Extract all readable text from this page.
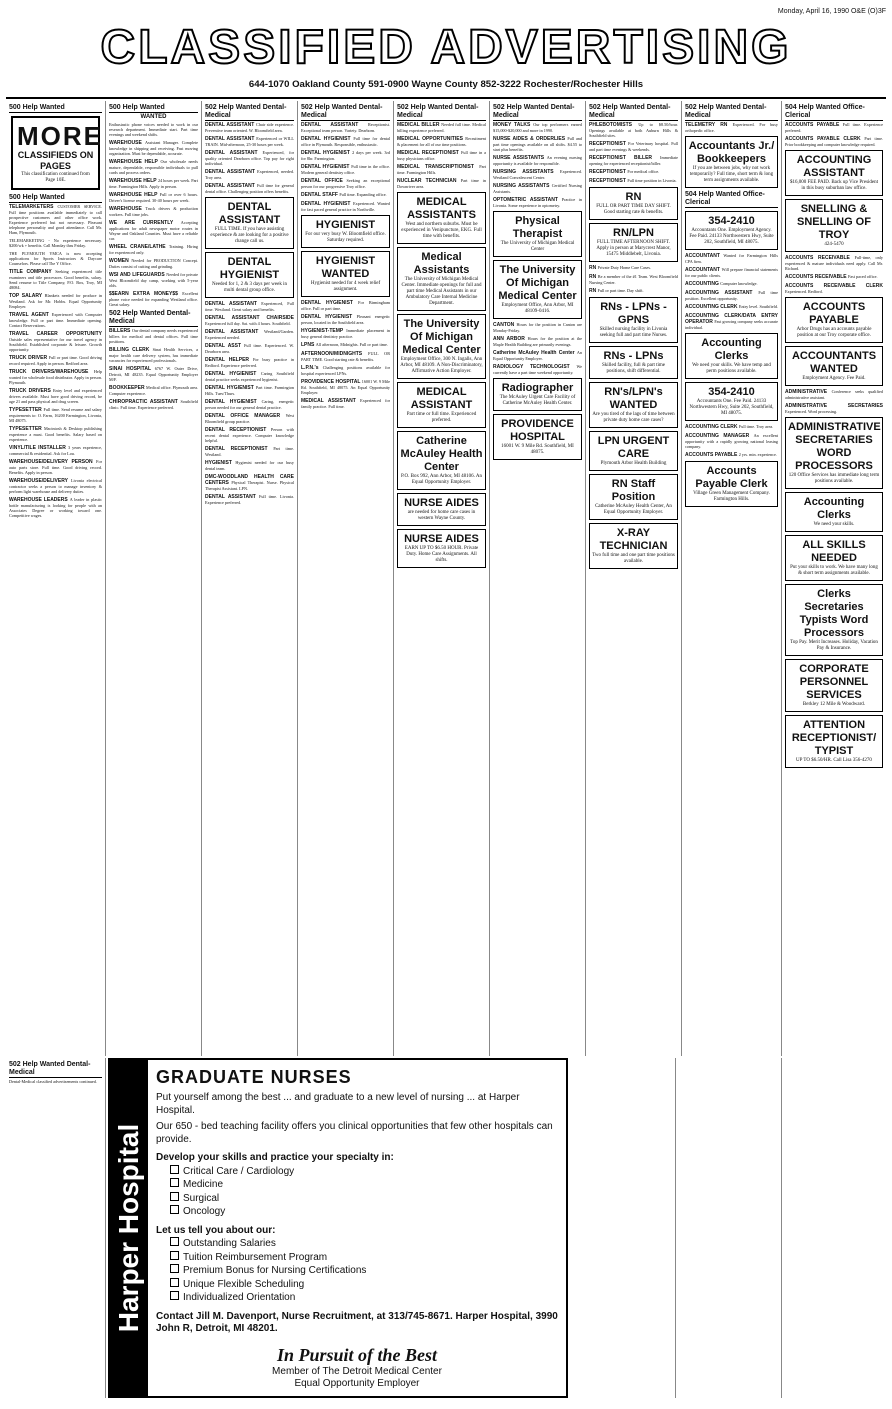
Monday, April 16, 1990 O&E (O)3F
CLASSIFIED ADVERTISING
644-1070 Oakland County 591-0900 Wayne County 852-3222 Rochester/Rochester Hills
500 Help Wanted
MORE
CLASSIFIEDS ON PAGES
This classification continued from Page 10E.
500 Help Wanted
TELEMARKETERS CUSTOMER SERVICE. Full time positions available immediately to call prospective customers and other office work. Experience preferred but not necessary. Pleasant telephone personality and good attendance. Call Mr. Ham, Plymouth.
TELEMARKETING - No experience necessary. $200/wk + benefits. Call Monday thru Friday.
THE PLYMOUTH YMCA is now accepting applications for Sports Instructors & Daycare Counselors. Please call The Y Office.
TITLE COMPANY Seeking experienced title examiners and title processors. Good benefits, salary. Send resume to Title Company, P.O. Box, Troy, MI 48084.
TOP SALARY Blankets needed for produce in Westland. Ask for Mr. Hobbs. Equal Opportunity Employer.
TRAVEL AGENT Experienced with Computer knowledge. Full or part time. Immediate opening. Contact Reservations.
TRAVEL CAREER OPPORTUNITY Outside sales representative for our travel agency in Southfield. Established corporate & leisure. Growth opportunity.
TRUCK DRIVER Full or part time. Good driving record required. Apply in person. Redford area.
TRUCK DRIVERS/WAREHOUSE Help wanted for wholesale food distributor. Apply in person. Plymouth.
TRUCK DRIVERS Entry level and experienced drivers available. Must have good driving record, be age 21 and pass physical and drug screen.
TYPESETTER Full time. Send resume and salary requirements to: O. Farm, 16200 Farmington, Livonia, MI 48075.
TYPESETTER Macintosh & Desktop publishing experience a must. Good benefits. Salary based on experience.
VINYL/TILE INSTALLER 3 years experience, commercial & residential. Ask for Lou.
WAREHOUSE/DELIVERY PERSON For auto parts store. Full time. Good driving record. Benefits. Apply in person.
WAREHOUSE/DELIVERY Livonia electrical contractor seeks a person to manage inventory & perform light warehouse and delivery duties.
WAREHOUSE LEADERS A leader in plastic bottle manufacturing is looking for people with an Associates Degree or working toward one. Competitive wages.
500 Help Wanted
WANTED
Enthusiastic phone voices needed to work in our research department. Immediate start. Part time evenings and weekend shifts.
WAREHOUSE Assistant Manager. Complete knowledge in shipping and receiving. Fast moving organization. Must be dependable, accurate.
WAREHOUSE HELP Our wholesale needs mature, dependable, responsible individuals to pull cards and process orders.
WAREHOUSE HELP 24 hours per week. Part time. Farmington Hills. Apply in person.
WAREHOUSE HELP Full or over 6 hours. Driver's license required. 30-40 hours per week.
WAREHOUSE Truck drivers & production workers. Full time jobs.
WE ARE CURRENTLY Accepting applications for adult newspaper motor routes in Wayne and Oakland Counties. Must have a reliable car.
WHEEL CRANE/LATHE Training. Hiring for experienced only.
WOMEN Needed for PRODUCTION Concept. Duties consist of cutting and grinding.
WSI AND LIFEGUARDS Needed for private West Bloomfield day camp, working with 5-year olds.
$$EARN EXTRA MONEY$$ Excellent phone voice needed for expanding Westland office. Great salary.
502 Help Wanted Dental-Medical
BILLERS Our dental company needs experienced billers for medical and dental offices. Full time positions.
BILLING CLERK Sinai Health Services, a major health care delivery system, has immediate vacancies for experienced professionals.
SINAI HOSPITAL 6767 W. Outer Drive, Detroit, MI 48235. Equal Opportunity Employer M/F.
BOOKKEEPER Medical office. Plymouth area. Computer experience.
CHIROPRACTIC ASSISTANT Southfield clinic. Full time. Experience preferred.
502 Help Wanted Dental-Medical
DENTAL ASSISTANT Chair side experience. Preventive team oriented. W. Bloomfield area.
DENTAL ASSISTANT Experienced or WILL TRAIN. Mid-afternoon, 25-30 hours per week.
DENTAL ASSISTANT Experienced, for quality oriented Dearborn office. Top pay for right individual.
DENTAL ASSISTANT Experienced, needed. Troy area.
DENTAL ASSISTANT Full time for general dental office. Challenging position offers benefits.
DENTAL ASSISTANT
FULL TIME. If you have assisting experience & are looking for a positive change call us.
DENTAL HYGIENIST
Needed for 1, 2 & 3 days per week in multi dental group office.
DENTAL ASSISTANT Experienced, Full time. Westland. Great salary and benefits.
DENTAL ASSISTANT CHAIRSIDE Experienced full day. Sat. with 4 hours. Southfield.
DENTAL ASSISTANT Westland/Garden. Experienced needed.
DENTAL ASST Full time. Experienced. W. Dearborn area.
DENTAL HELPER For busy practice in Redford. Experience preferred.
DENTAL HYGIENIST Caring Southfield dental practice seeks experienced hygienist.
DENTAL HYGIENIST Part time. Farmington Hills. Tues/Thurs.
DENTAL HYGIENIST Caring, energetic person needed for our general dental practice.
DENTAL OFFICE MANAGER West Bloomfield group practice.
DENTAL RECEPTIONIST Person with recent dental experience. Computer knowledge helpful.
DENTAL RECEPTIONIST Part time. Westland.
HYGIENIST Hygienist needed for our busy dental team.
DMC-WOODLAND HEALTH CARE CENTERS Physical Therapist. Nurse. Physical Therapist Assistant. LPN.
DENTAL ASSISTANT Full time. Livonia. Experience preferred.
502 Help Wanted Dental-Medical
DENTAL ASSISTANT Receptionist. Exceptional team person. Variety. Dearborn.
DENTAL HYGIENIST Full time for dental office in Plymouth. Responsible, enthusiastic.
DENTAL HYGIENIST 2 days per week. 3rd for 8hr. Farmington.
DENTAL HYGIENIST Full time in the office. Modern general dentistry office.
DENTAL OFFICE Seeking an exceptional person for our progressive Troy office.
DENTAL STAFF Full time. Expanding office.
DENTAL HYGIENIST Experienced. Wanted for fast paced general practice in Northville.
HYGIENIST
For our very busy W. Bloomfield office. Saturday required.
HYGIENIST WANTED
Hygienist needed for 4 week relief assignment.
DENTAL HYGIENIST For Birmingham office. Full or part time.
DENTAL HYGIENIST Pleasant energetic person, located in the Southfield area.
HYGIENIST-TEMP Immediate placement in busy general dentistry practice.
LPNS All afternoon, Midnights. Full or part time.
AFTERNOON/MIDNIGHTS FULL OR PART TIME. Good starting rate & benefits.
L.P.N.'s Challenging positions available for hospital experienced LPNs.
PROVIDENCE HOSPITAL 16001 W. 9 Mile Rd. Southfield, MI 48075. An Equal Opportunity Employer.
MEDICAL ASSISTANT Experienced for family practice. Full time.
502 Help Wanted Dental-Medical
MEDICAL BILLER Needed full time. Medical billing experience preferred.
MEDICAL OPPORTUNITIES Recruitment & placement for all of our time positions.
MEDICAL RECEPTIONIST Full time in a busy physicians office.
MEDICAL TRANSCRIPTIONIST Part time. Farmington Hills.
NUCLEAR TECHNICIAN Part time in Downriver area.
MEDICAL ASSISTANTS
West and northern suburbs. Must be experienced in Venipuncture, EKG. Full time with benefits.
Medical Assistants
The University of Michigan Medical Center. Immediate openings for full and part time Medical Assistants in our Ambulatory Care Internal Medicine Department.
The University Of Michigan Medical Center
Employment Office, 300 N. Ingalls, Ann Arbor, MI 48109. A Non-Discriminatory, Affirmative Action Employer.
MEDICAL ASSISTANT
Part time or full time. Experienced preferred.
Catherine McAuley Health Center
P.O. Box 992, Ann Arbor, MI 48106. An Equal Opportunity Employer.
NURSE AIDES
are needed for home care cases in western Wayne County.
NURSE AIDES
EARN UP TO $6.50 HOUR. Private Duty. Home Care Assignments. All shifts.
502 Help Wanted Dental-Medical
MONEY TALKS Our top performers earned $15,000-$20,000 and more in 1990.
NURSE AIDES & ORDERLIES Full and part time openings available on all shifts. $4.55 to start plus benefits.
NURSE ASSISTANTS An evening nursing opportunity is available for responsible.
NURSING ASSISTANTS Experienced. Westland Convalescent Center.
NURSING ASSISTANTS Certified Nursing Assistants.
OPTOMETRIC ASSISTANT Practice in Livonia. Some experience in optometry.
Physical Therapist
The University of Michigan Medical Center
The University Of Michigan Medical Center
Employment Office, Ann Arbor, MI 48109-0416.
CANTON Hours for the position in Canton are Monday-Friday.
ANN ARBOR Hours for the position at the Maple Health Building are primarily evenings.
Catherine McAuley Health Center An Equal Opportunity Employer.
RADIOLOGY TECHNOLOGIST We currently have a part time weekend opportunity.
Radiographer
The McAuley Urgent Care Facility of Catherine McAuley Health Center.
PROVIDENCE HOSPITAL
16001 W. 9 Mile Rd. Southfield, MI 48075.
502 Help Wanted Dental-Medical
PHLEBOTOMISTS Up to $8.50/hour. Openings available at both Auburn Hills & Southfield sites.
RECEPTIONIST For Veterinary hospital. Full and part time evenings & weekends.
RECEPTIONIST BILLER Immediate opening for experienced receptionist/biller.
RECEPTIONIST For medical office.
RECEPTIONIST Full time position in Livonia.
RN
FULL OR PART TIME DAY SHIFT. Good starting rate & benefits.
RN/LPN
FULL TIME AFTERNOON SHIFT. Apply in person at Marycrest Manor, 15475 Middlebelt, Livonia.
RN Private Duty Home Care Cases.
RN Be a member of the #1 Team. West Bloomfield Nursing Center.
RN Full or part time. Day shift.
RNs - LPNs - GPNS
Skilled nursing facility in Livonia seeking full and part time Nurses.
RNs - LPNs
Skilled facility, full & part time positions, shift differential.
RN's/LPN's WANTED
Are you tired of the lags of time between private duty home care cases?
LPN URGENT CARE
Plymouth Arbor Health Building
RN Staff Position
Catherine McAuley Health Center, An Equal Opportunity Employer.
X-RAY TECHNICIAN
Two full time and one part time positions available.
502 Help Wanted Dental-Medical
TELEMETRY RN Experienced. For busy orthopedic office.
Accountants Jr./ Bookkeepers
If you are between jobs, why not work temporarily? Full time, short term & long term assignments available.
504 Help Wanted Office-Clerical
354-2410
Accountants One. Employment Agency. Fee Paid. 24133 Northwestern Hwy, Suite 202, Southfield, MI 48075.
ACCOUNTANT Wanted for Farmington Hills CPA firm.
ACCOUNTANT Will prepare financial statements for our public clients.
ACCOUNTING Computer knowledge.
ACCOUNTING ASSISTANT Full time position. Excellent opportunity.
ACCOUNTING CLERK Entry level. Southfield.
ACCOUNTING CLERK/DATA ENTRY OPERATOR Fast growing company seeks accurate individual.
Accounting Clerks
We need your skills. We have temp and perm positions available.
354-2410
Accountants One. Fee Paid. 24133 Northwestern Hwy, Suite 202, Southfield, MI 48075.
ACCOUNTING CLERK Full time. Troy area.
ACCOUNTING MANAGER An excellent opportunity with a rapidly growing national leasing company.
ACCOUNTS PAYABLE 2 yrs. min. experience.
Accounts Payable Clerk
Village Green Management Company. Farmington Hills.
504 Help Wanted Office-Clerical
ACCOUNTS PAYABLE Full time. Experience preferred.
ACCOUNTS PAYABLE CLERK Part time. Prior bookkeeping and computer knowledge required.
ACCOUNTING ASSISTANT
$16,000 FEE PAID. Back up Vice President in this busy suburban law office.
SNELLING & SNELLING OF TROY
424-5470
ACCOUNTS RECEIVABLE Full-time, only experienced & mature individuals need apply. Call Mr. Richard.
ACCOUNTS RECEIVABLE Fast paced office.
ACCOUNTS RECEIVABLE CLERK Experienced. Redford.
ACCOUNTS PAYABLE
Arbor Drugs has an accounts payable position at our Troy corporate office.
ACCOUNTANTS WANTED
Employment Agency. Fee Paid.
ADMINISTRATIVE Conference seeks qualified administrative assistant.
ADMINISTRATIVE SECRETARIES Experienced. Word processing.
ADMINISTRATIVE SECRETARIES WORD PROCESSORS
120 Office Services has immediate long term positions available.
Accounting Clerks
We need your skills.
ALL SKILLS NEEDED
Put your skills to work. We have many long & short term assignments available.
Clerks Secretaries Typists Word Processors
Top Pay. Merit Increases. Holiday, Vacation Pay & Insurance.
CORPORATE PERSONNEL SERVICES
Berkley 12 Mile & Woodward.
ATTENTION RECEPTIONIST/ TYPIST
UP TO $6.50/HR. Call Lisa 356-4270
502 Help Wanted Dental-Medical
Dental-Medical classified advertisements continued.
Harper Hospital
GRADUATE NURSES
Put yourself among the best ... and graduate to a new level of nursing ... at Harper Hospital.
Our 650 - bed teaching facility offers you clinical opportunities that few other hospitals can provide.
Develop your skills and practice your specialty in:
Critical Care / Cardiology
Medicine
Surgical
Oncology
Let us tell you about our:
Outstanding Salaries
Tuition Reimbursement Program
Premium Bonus for Nursing Certifications
Unique Flexible Scheduling
Individualized Orientation
Contact Jill M. Davenport, Nurse Recruitment, at 313/745-8671. Harper Hospital, 3990 John R, Detroit, MI 48201.
In Pursuit of the Best
Member of The Detroit Medical Center
Equal Opportunity Employer
